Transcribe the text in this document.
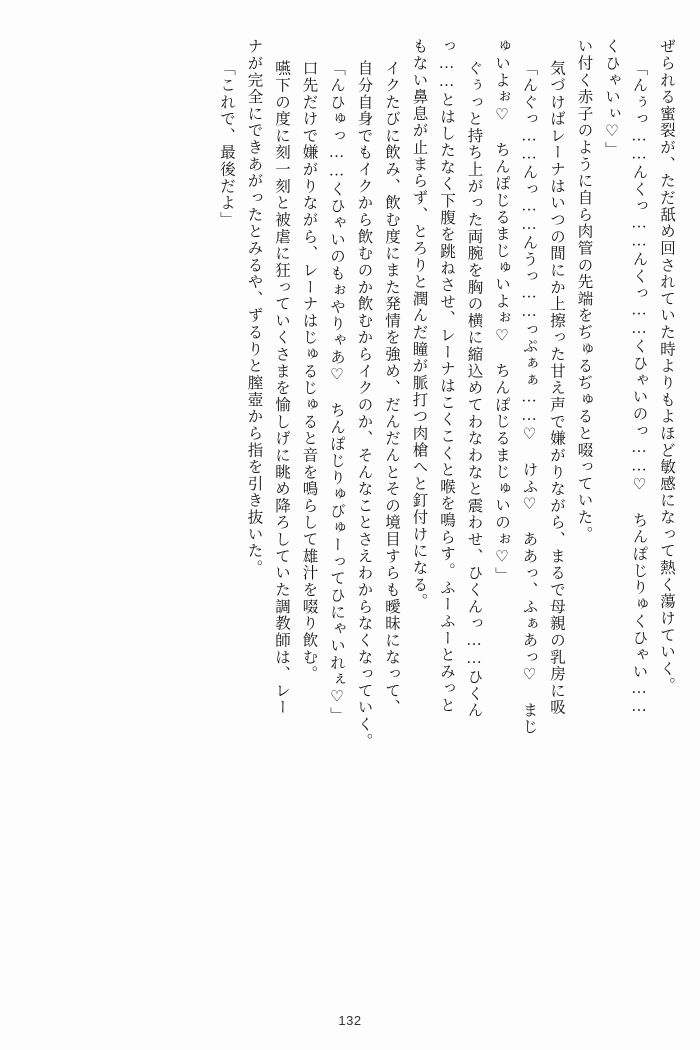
ぜられる蜜裂が、ただ舐め回されていた時よりもよほど敏感になって熱く蕩けていく。
「んぅっ……んくっ……んくっ……くひゃいのっ……♡　ちんぽじりゅくひゃい……
くひゃいぃ♡」
い付く赤子のように自ら肉管の先端をぢゅるぢゅると啜っていた。
気づけばレーナはいつの間にか上擦った甘え声で嫌がりながら、まるで母親の乳房に吸
「んぐっ……んっ……んうっ……っぷぁぁ……♡　けふ♡　ああっ、ふぁあっ♡　まじ
ゅいよぉ♡　ちんぽじるまじゅいよぉ♡　ちんぽじるまじゅいのぉ♡」
ぐぅっと持ち上がった両腕を胸の横に縮込めてわなわなと震わせ、ひくんっ……ひくん
っ……とはしたなく下腹を跳ねさせ、レーナはこくこくと喉を鳴らす。ふーふーとみっと
もない鼻息が止まらず、とろりと潤んだ瞳が脈打つ肉槍へと釘付けになる。
イクたびに飲み、飲む度にまた発情を強め、だんだんとその境目すらも曖昧になって、
自分自身でもイクから飲むのか飲むからイクのか、そんなことさえわからなくなっていく。
「んひゅっ……くひゃいのもぉやりゃあ♡　ちんぽじりゅびゅーってひにゃいれぇ♡」
口先だけで嫌がりながら、レーナはじゅるじゅると音を鳴らして雄汁を啜り飲む。
嚥下の度に刻一刻と被虐に狂っていくさまを愉しげに眺め降ろしていた調教師は、レー
ナが完全にできあがったとみるや、ずるりと膣壺から指を引き抜いた。
「これで、最後だよ」
132
